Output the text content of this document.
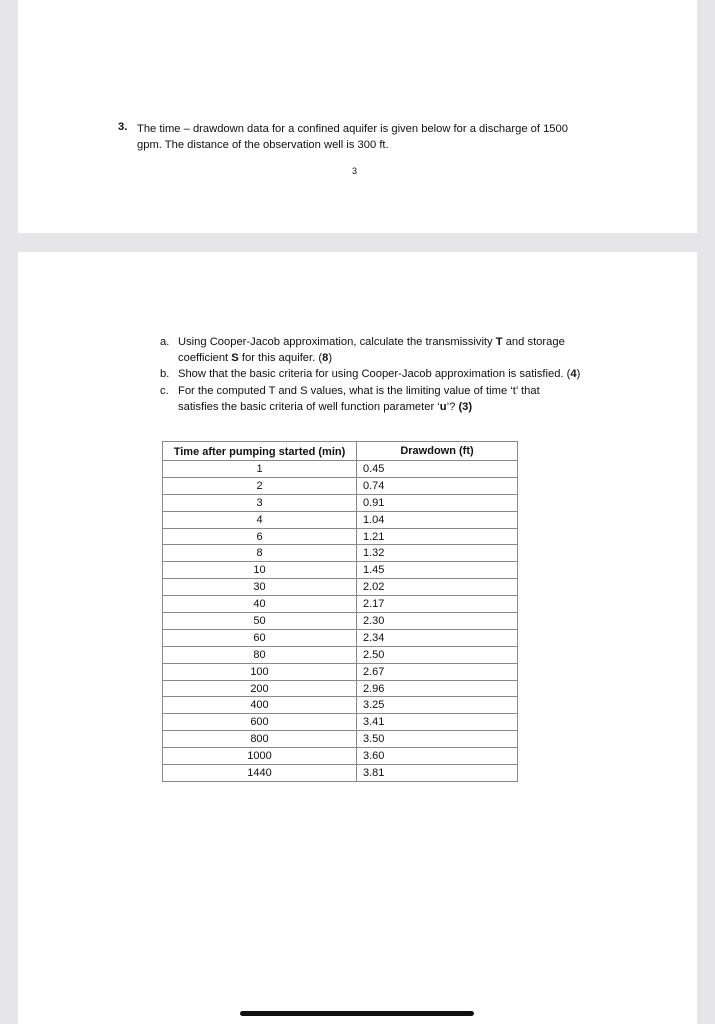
3. The time – drawdown data for a confined aquifer is given below for a discharge of 1500
gpm. The distance of the observation well is 300 ft.
3
a. Using Cooper-Jacob approximation, calculate the transmissivity T and storage
coefficient S for this aquifer. (8)
b. Show that the basic criteria for using Cooper-Jacob approximation is satisfied. (4)
c. For the computed T and S values, what is the limiting value of time ‘t’ that
satisfies the basic criteria of well function parameter ‘u’? (3)
Time after pumping started (min)	Drawdown (ft)
1	0.45
2	0.74
3	0.91
4	1.04
6	1.21
8	1.32
10	1.45
30	2.02
40	2.17
50	2.30
60	2.34
80	2.50
100	2.67
200	2.96
400	3.25
600	3.41
800	3.50
1000	3.60
1440	3.81
